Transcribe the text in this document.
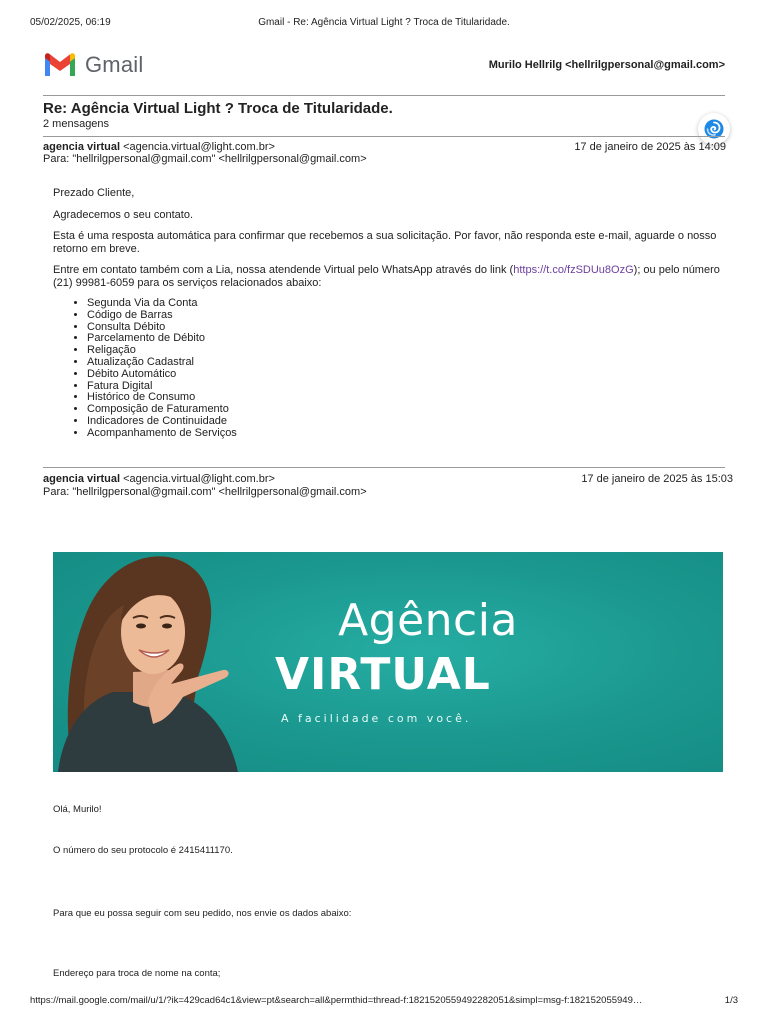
05/02/2025, 06:19	Gmail - Re: Agência Virtual Light ? Troca de Titularidade.
Gmail	Murilo Hellrilg <hellrilgpersonal@gmail.com>
Re: Agência Virtual Light ? Troca de Titularidade.
2 mensagens
agencia virtual <agencia.virtual@light.com.br>	17 de janeiro de 2025 às 14:09
Para: "hellrilgpersonal@gmail.com" <hellrilgpersonal@gmail.com>

Prezado Cliente,

Agradecemos o seu contato.

Esta é uma resposta automática para confirmar que recebemos a sua solicitação. Por favor, não responda este e-mail, aguarde o nosso retorno em breve.

Entre em contato também com a Lia, nossa atendende Virtual pelo WhatsApp através do link (https://t.co/fzSDUu8OzG); ou pelo número (21) 99981-6059 para os serviços relacionados abaixo:

• Segunda Via da Conta
• Código de Barras
• Consulta Débito
• Parcelamento de Débito
• Religação
• Atualização Cadastral
• Débito Automático
• Fatura Digital
• Histórico de Consumo
• Composição de Faturamento
• Indicadores de Continuidade
• Acompanhamento de Serviços
agencia virtual <agencia.virtual@light.com.br>	17 de janeiro de 2025 às 15:03
Para: "hellrilgpersonal@gmail.com" <hellrilgpersonal@gmail.com>
Agência
VIRTUAL
A facilidade com você.
Olá, Murilo!
O número do seu protocolo é 2415411170.
Para que eu possa seguir com seu pedido, nos envie os dados abaixo:
Endereço para troca de nome na conta;
https://mail.google.com/mail/u/1/?ik=429cad64c1&view=pt&search=all&permthid=thread-f:1821520559492282051&simpl=msg-f:182152055949…	1/3
